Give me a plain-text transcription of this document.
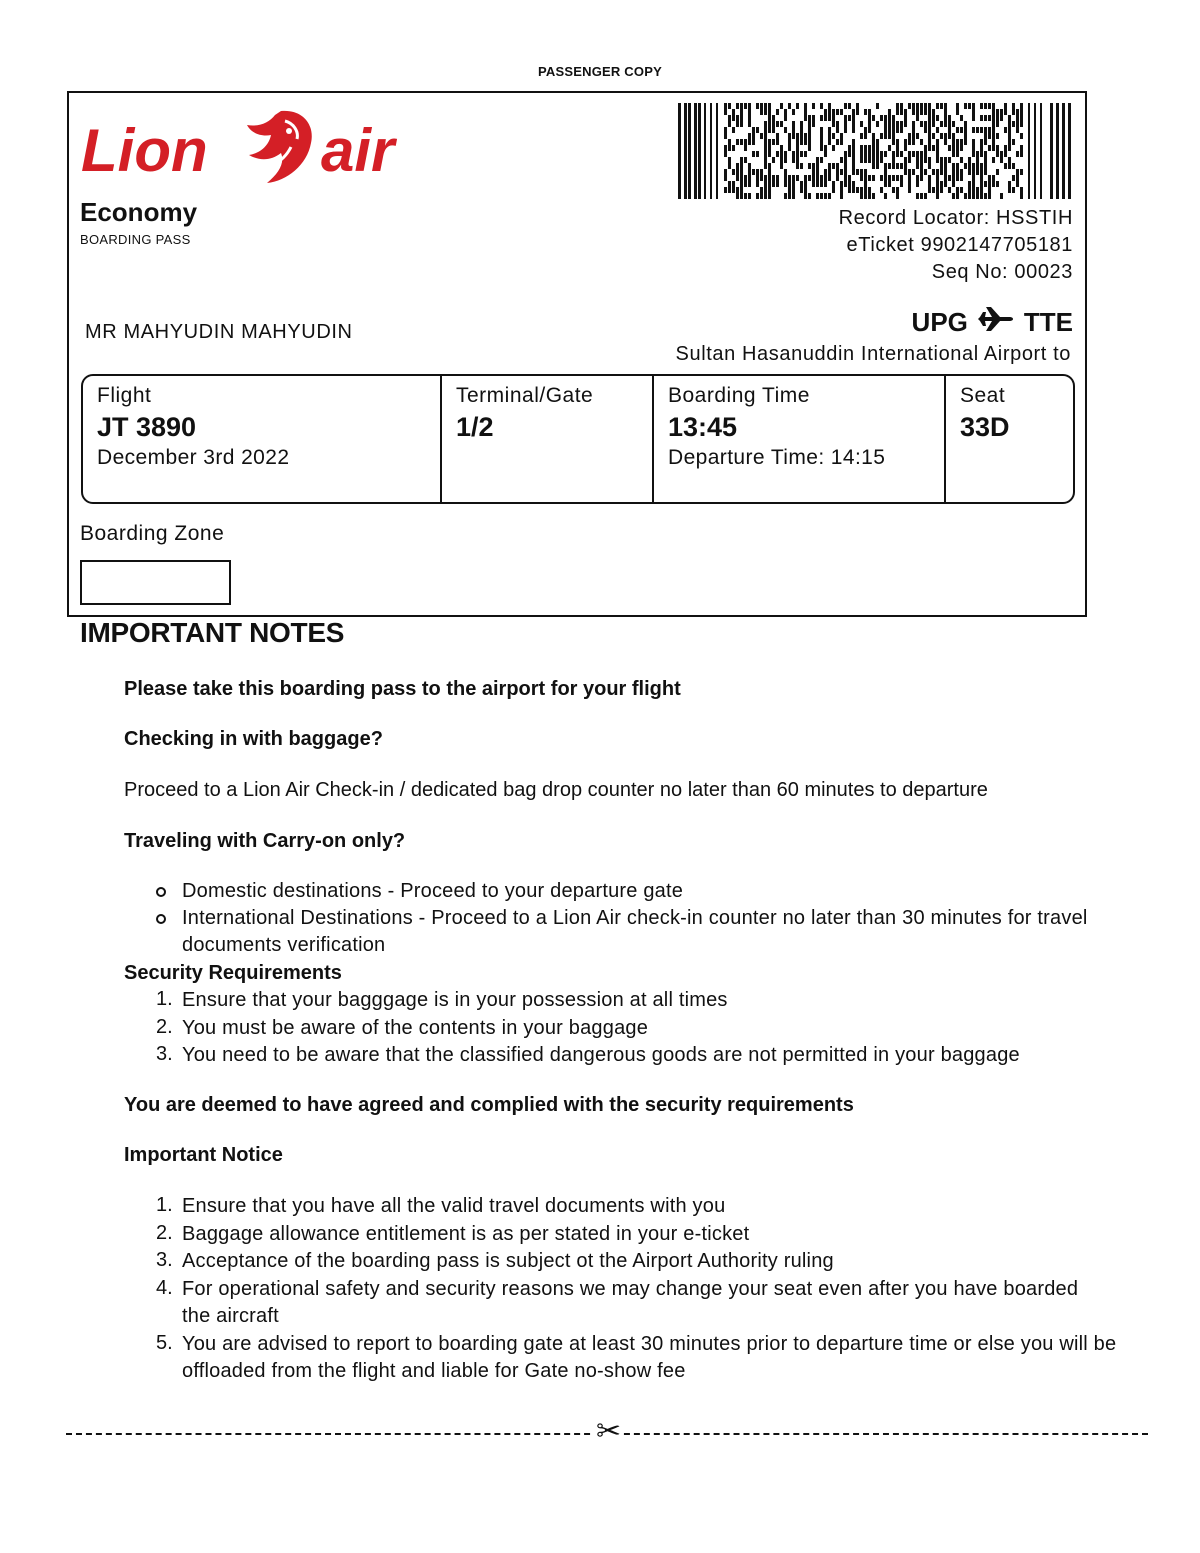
PASSENGER COPY
Lion air
Economy
BOARDING PASS
Record Locator: HSSTIH
eTicket 9902147705181
Seq No: 00023
MR MAHYUDIN MAHYUDIN	UPG TTE
Sultan Hasanuddin International Airport to
Flight
JT 3890
December 3rd 2022
Terminal/Gate
1/2
Boarding Time
13:45
Departure Time: 14:15
Seat
33D
Boarding Zone
IMPORTANT NOTES
Please take this boarding pass to the airport for your flight
Checking in with baggage?
Proceed to a Lion Air Check-in / dedicated bag drop counter no later than 60 minutes to departure
Traveling with Carry-on only?
Domestic destinations - Proceed to your departure gate
International Destinations - Proceed to a Lion Air check-in counter no later than 30 minutes for travel documents verification
Security Requirements
1. Ensure that your bagggage is in your possession at all times
2. You must be aware of the contents in your baggage
3. You need to be aware that the classified dangerous goods are not permitted in your baggage
You are deemed to have agreed and complied with the security requirements
Important Notice
1. Ensure that you have all the valid travel documents with you
2. Baggage allowance entitlement is as per stated in your e-ticket
3. Acceptance of the boarding pass is subject ot the Airport Authority ruling
4. For operational safety and security reasons we may change your seat even after you have boarded the aircraft
5. You are advised to report to boarding gate at least 30 minutes prior to departure time or else you will be offloaded from the flight and liable for Gate no-show fee
✂
